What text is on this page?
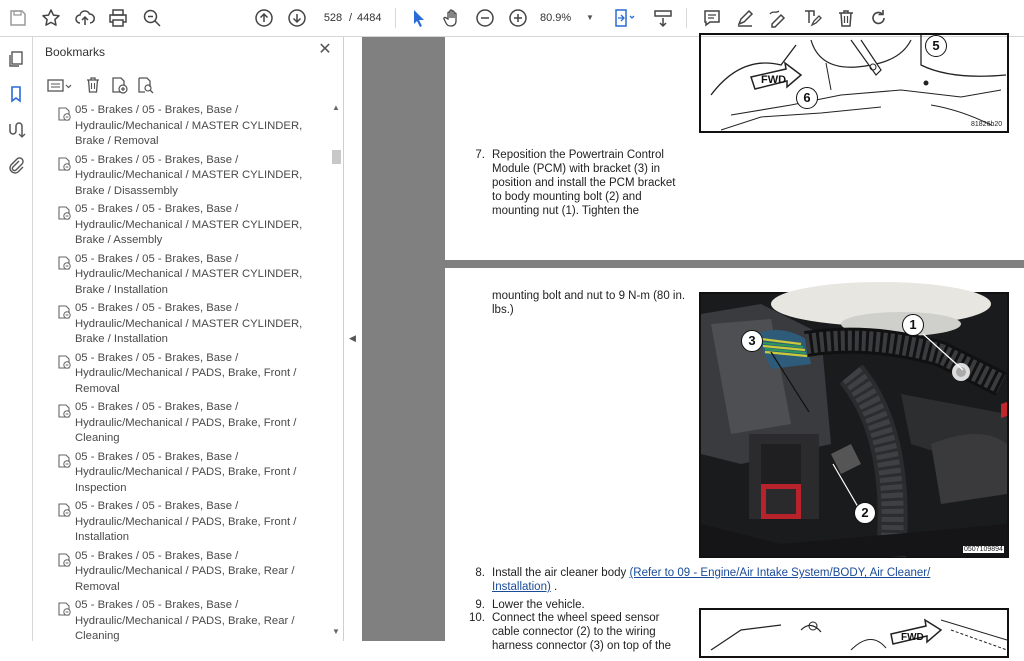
528 / 4484	80.9% ▼
Bookmarks	✕
05 - Brakes / 05 - Brakes, Base / Hydraulic/Mechanical / MASTER CYLINDER, Brake / Removal
05 - Brakes / 05 - Brakes, Base / Hydraulic/Mechanical / MASTER CYLINDER, Brake / Disassembly
05 - Brakes / 05 - Brakes, Base / Hydraulic/Mechanical / MASTER CYLINDER, Brake / Assembly
05 - Brakes / 05 - Brakes, Base / Hydraulic/Mechanical / MASTER CYLINDER, Brake / Installation
05 - Brakes / 05 - Brakes, Base / Hydraulic/Mechanical / MASTER CYLINDER, Brake / Installation
05 - Brakes / 05 - Brakes, Base / Hydraulic/Mechanical / PADS, Brake, Front / Removal
05 - Brakes / 05 - Brakes, Base / Hydraulic/Mechanical / PADS, Brake, Front / Cleaning
05 - Brakes / 05 - Brakes, Base / Hydraulic/Mechanical / PADS, Brake, Front / Inspection
05 - Brakes / 05 - Brakes, Base / Hydraulic/Mechanical / PADS, Brake, Front / Installation
05 - Brakes / 05 - Brakes, Base / Hydraulic/Mechanical / PADS, Brake, Rear / Removal
05 - Brakes / 05 - Brakes, Base / Hydraulic/Mechanical / PADS, Brake, Rear / Cleaning
▲
▼
◀
FWD
5
6
81826b20
7. Reposition the Powertrain Control
Module (PCM) with bracket (3) in
position and install the PCM bracket
to body mounting bolt (2) and
mounting nut (1). Tighten the
mounting bolt and nut to 9 N-m (80 in.
lbs.)
1
2
3
0507109894
8. Install the air cleaner body (Refer to 09 - Engine/Air Intake System/BODY, Air Cleaner/
Installation) .
9. Lower the vehicle.
10. Connect the wheel speed sensor
cable connector (2) to the wiring
harness connector (3) on top of the
FWD
